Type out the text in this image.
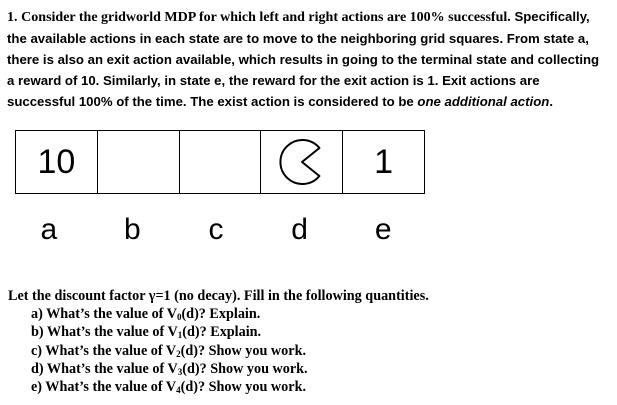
1. Consider the gridworld MDP for which left and right actions are 100% successful. Specifically, the available actions in each state are to move to the neighboring grid squares. From state a, there is also an exit action available, which results in going to the terminal state and collecting a reward of 10. Similarly, in state e, the reward for the exit action is 1. Exit actions are successful 100% of the time. The exist action is considered to be one additional action.
10	1
a	b	c	d	e
Let the discount factor γ=1 (no decay). Fill in the following quantities.
a) What’s the value of $V_0(d)$? Explain.
b) What’s the value of $V_1(d)$? Explain.
c) What’s the value of $V_2(d)$? Show you work.
d) What’s the value of $V_3(d)$? Show you work.
e) What’s the value of $V_4(d)$? Show you work.
